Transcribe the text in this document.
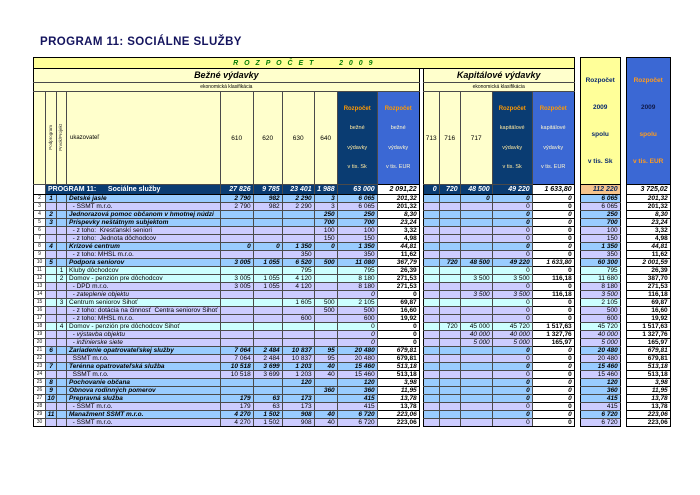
PROGRAM 11: SOCIÁLNE SLUŽBY
R O Z P O Č E T      2 0 0 9		

Rozpočet

2009

spolu

v tis. Sk

Rozpočet

2009

spolu

v tis. EUR

Bežné výdavky											Kapitálové výdavky								
ekonomická klasifikácia											ekonomická klasifikácia								
	Podprogram	Prvok/Projekt	ukazovateľ	610	620	630	640	

Rozpočet

bežné

výdavky

v tis. Sk

Rozpočet

bežné

výdavky

v tis. EUR

		713	716	717	

Rozpočet

kapitálové

výdavky

v tis. Sk

Rozpočet

kapitálové

výdavky

v tis. EUR

1	PROGRAM 11:      Sociálne služby			27 826	9 785	23 401	1 988	63 000	2 091,22		0	720	48 500	49 220	1 633,80		112 220		3 725,02
2	1		Detské jasle	2 790	982	2 290	3	6 065	201,32				0	0	0		6 065		201,32
3			- SSMT m.r.o.	2 790	982	2 290	3	6 065	201,32					0	0		6 065		201,32
4	2		Jednorazová pomoc občanom v hmotnej núdzi				250	250	8,30					0	0		250		8,30
5	3		Príspevky neštátnym subjektom				700	700	23,24					0	0		700		23,24
6			- z toho:  Kresťanskí seniori				100	100	3,32					0	0		100		3,32
7			- z toho:  Jednota dôchodcov				150	150	4,98					0	0		150		4,98
8	4		Krízové centrum	0	0	1 350	0	1 350	44,81					0	0		1 350		44,81
9			- z toho: MHSL m.r.o.			350		350	11,62					0	0		350		11,62
10	5		Podpora seniorov	3 005	1 055	6 520	500	11 080	367,79			720	48 500	49 220	1 633,80		60 300		2 001,59
11		1	Kluby dôchodcov			795		795	26,39					0	0		795		26,39
12		2	Domov - penzión pre dôchodcov	3 005	1 055	4 120		8 180	271,53				3 500	3 500	116,18		11 680		387,70
13			- DPD m.r.o.	3 005	1 055	4 120		8 180	271,53					0	0		8 180		271,53
14			- zateplenie objektu					0	0				3 500	3 500	116,18		3 500		116,18
15		3	Centrum seniorov Sihoť			1 605	500	2 105	69,87					0	0		2 105		69,87
16			- z toho: dotácia na činnosť  Centra seniorov Sihoť				500	500	16,60					0	0		500		16,60
17			- z toho: MHSL m.r.o.			600		600	19,92					0	0		600		19,92
18		4	Domov - penzión pre dôchodcov Sihoť					0	0			720	45 000	45 720	1 517,63		45 720		1 517,63
19			- výstavba objektu					0	0				40 000	40 000	1 327,76		40 000		1 327,76
20			- inžinierske siete					0	0				5 000	5 000	165,97		5 000		165,97
21	6		Zariadenie opatrovateľskej služby	7 064	2 484	10 837	95	20 480	679,81					0	0		20 480		679,81
22			SSMT m.r.o.	7 064	2 484	10 837	95	20 480	679,81					0	0		20 480		679,81
23	7		Terénna opatrovateľská služba	10 518	3 699	1 203	40	15 460	513,18					0	0		15 460		513,18
24			SSMT m.r.o.	10 518	3 699	1 203	40	15 460	513,18					0	0		15 460		513,18
25	8		Pochovanie občana			120		120	3,98					0	0		120		3,98
26	9		Obnova rodinných pomerov				360	360	11,95					0	0		360		11,95
27	10		Prepravná služba	179	63	173		415	13,78					0	0		415		13,78
28			- SSMT m.r.o.	179	63	173		415	13,78					0	0		415		13,78
29	11		Manažment SSMT m.r.o.	4 270	1 502	908	40	6 720	223,06					0	0		6 720		223,06
30			- SSMT m.r.o.	4 270	1 502	908	40	6 720	223,06					0	0		6 720		223,06
